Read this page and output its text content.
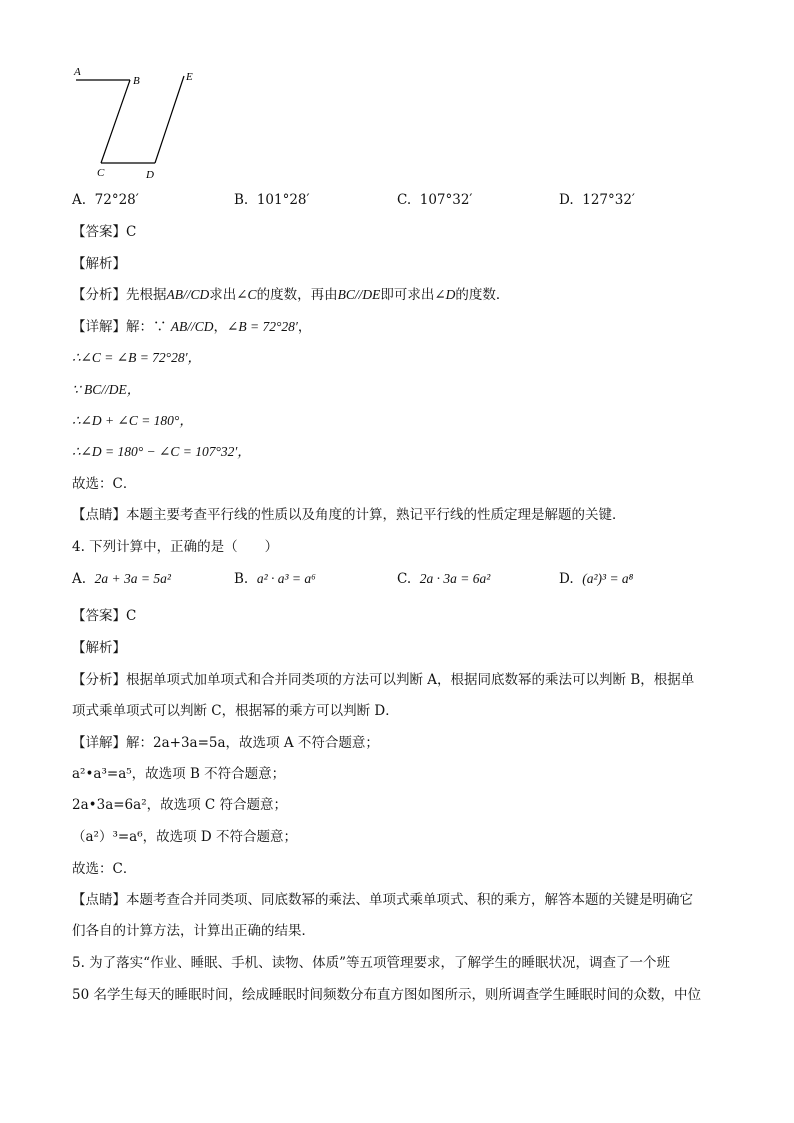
A
B
C	D
E
A. 72°28′	B. 101°28′	C. 107°32′	D. 127°32′
【答案】C
【解析】
【分析】先根据AB//CD求出∠C的度数，再由BC//DE即可求出∠D的度数．
【详解】解：∵ AB//CD，∠B = 72°28′，
∴∠C = ∠B = 72°28′，
∵ BC//DE，
∴∠D + ∠C = 180°，
∴∠D = 180° − ∠C = 107°32′，
故选：C．
【点睛】本题主要考查平行线的性质以及角度的计算，熟记平行线的性质定理是解题的关键．
4. 下列计算中，正确的是（　　）
A. 2a + 3a = 5a²	B. a² · a³ = a⁶	C. 2a · 3a = 6a²	D. (a²)³ = a⁸
【答案】C
【解析】
【分析】根据单项式加单项式和合并同类项的方法可以判断 A，根据同底数幂的乘法可以判断 B，根据单
项式乘单项式可以判断 C，根据幂的乘方可以判断 D．
【详解】解：2a+3a=5a，故选项 A 不符合题意；
a²•a³=a⁵，故选项 B 不符合题意；
2a•3a=6a²，故选项 C 符合题意；
（a²）³=a⁶，故选项 D 不符合题意；
故选：C．
【点睛】本题考查合并同类项、同底数幂的乘法、单项式乘单项式、积的乘方，解答本题的关键是明确它
们各自的计算方法，计算出正确的结果．
5. 为了落实“作业、睡眠、手机、读物、体质”等五项管理要求，了解学生的睡眠状况，调查了一个班
50 名学生每天的睡眠时间，绘成睡眠时间频数分布直方图如图所示，则所调查学生睡眠时间的众数，中位
